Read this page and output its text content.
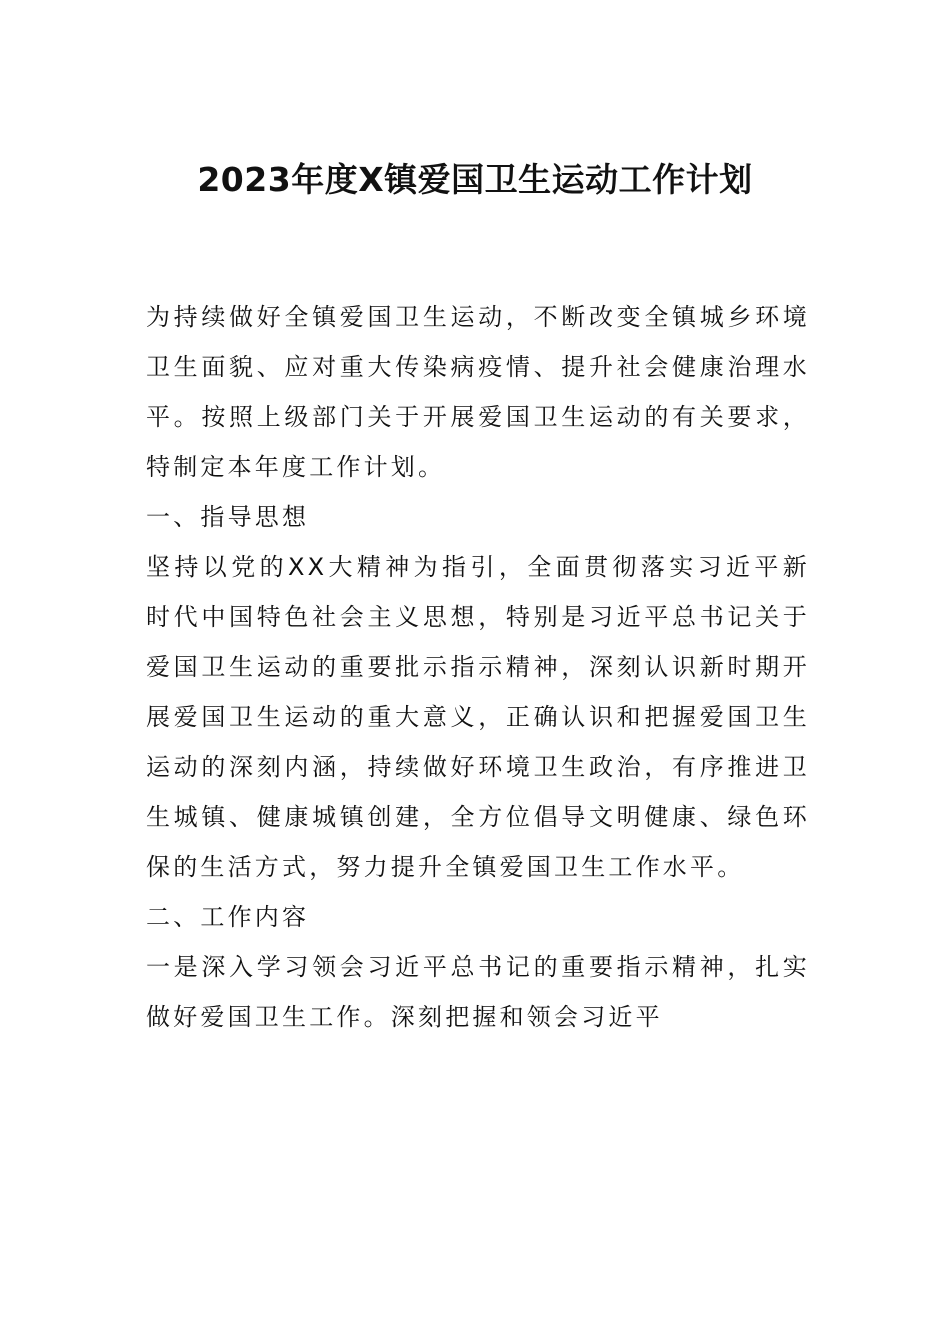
2023年度X镇爱国卫生运动工作计划

为持续做好全镇爱国卫生运动，不断改变全镇城乡环境卫生面貌、应对重大传染病疫情、提升社会健康治理水平。按照上级部门关于开展爱国卫生运动的有关要求，特制定本年度工作计划。

一、指导思想

坚持以党的XX大精神为指引，全面贯彻落实习近平新时代中国特色社会主义思想，特别是习近平总书记关于爱国卫生运动的重要批示指示精神，深刻认识新时期开展爱国卫生运动的重大意义，正确认识和把握爱国卫生运动的深刻内涵，持续做好环境卫生政治，有序推进卫生城镇、健康城镇创建，全方位倡导文明健康、绿色环保的生活方式，努力提升全镇爱国卫生工作水平。

二、工作内容

一是深入学习领会习近平总书记的重要指示精神，扎实做好爱国卫生工作。深刻把握和领会习近平
